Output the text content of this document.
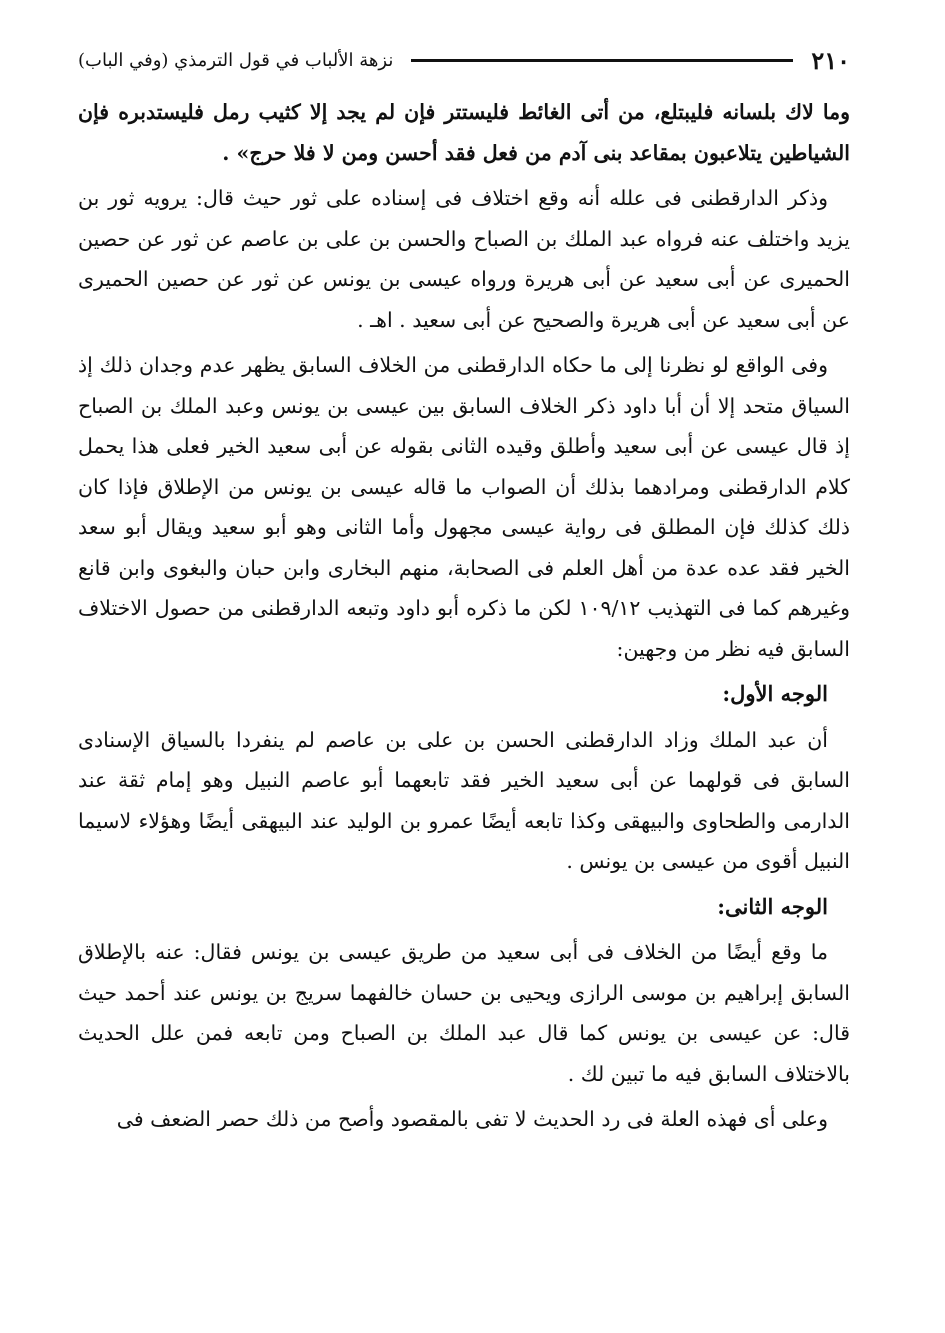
٢١٠
نزهة الألباب في قول الترمذي (وفي الباب)

وما لاك بلسانه فليبتلع، من أتى الغائط فليستتر فإن لم يجد إلا كثيب رمل فليستدبره فإن الشياطين يتلاعبون بمقاعد بنى آدم من فعل فقد أحسن ومن لا فلا حرج» .

وذكر الدارقطنى فى علله أنه وقع اختلاف فى إسناده على ثور حيث قال: يرويه ثور بن يزيد واختلف عنه فرواه عبد الملك بن الصباح والحسن بن على بن عاصم عن ثور عن حصين الحميرى عن أبى سعيد عن أبى هريرة ورواه عيسى بن يونس عن ثور عن حصين الحميرى عن أبى سعيد عن أبى هريرة والصحيح عن أبى سعيد . اهـ .

وفى الواقع لو نظرنا إلى ما حكاه الدارقطنى من الخلاف السابق يظهر عدم وجدان ذلك إذ السياق متحد إلا أن أبا داود ذكر الخلاف السابق بين عيسى بن يونس وعبد الملك بن الصباح إذ قال عيسى عن أبى سعيد وأطلق وقيده الثانى بقوله عن أبى سعيد الخير فعلى هذا يحمل كلام الدارقطنى ومرادهما بذلك أن الصواب ما قاله عيسى بن يونس من الإطلاق فإذا كان ذلك كذلك فإن المطلق فى رواية عيسى مجهول وأما الثانى وهو أبو سعيد ويقال أبو سعد الخير فقد عده عدة من أهل العلم فى الصحابة، منهم البخارى وابن حبان والبغوى وابن قانع وغيرهم كما فى التهذيب ١٠٩/١٢ لكن ما ذكره أبو داود وتبعه الدارقطنى من حصول الاختلاف السابق فيه نظر من وجهين:

الوجه الأول:

أن عبد الملك وزاد الدارقطنى الحسن بن على بن عاصم لم ينفردا بالسياق الإسنادى السابق فى قولهما عن أبى سعيد الخير فقد تابعهما أبو عاصم النبيل وهو إمام ثقة عند الدارمى والطحاوى والبيهقى وكذا تابعه أيضًا عمرو بن الوليد عند البيهقى أيضًا وهؤلاء لاسيما النبيل أقوى من عيسى بن يونس .

الوجه الثانى:

ما وقع أيضًا من الخلاف فى أبى سعيد من طريق عيسى بن يونس فقال: عنه بالإطلاق السابق إبراهيم بن موسى الرازى ويحيى بن حسان خالفهما سريج بن يونس عند أحمد حيث قال: عن عيسى بن يونس كما قال عبد الملك بن الصباح ومن تابعه فمن علل الحديث بالاختلاف السابق فيه ما تبين لك .

وعلى أى فهذه العلة فى رد الحديث لا تفى بالمقصود وأصح من ذلك حصر الضعف فى
